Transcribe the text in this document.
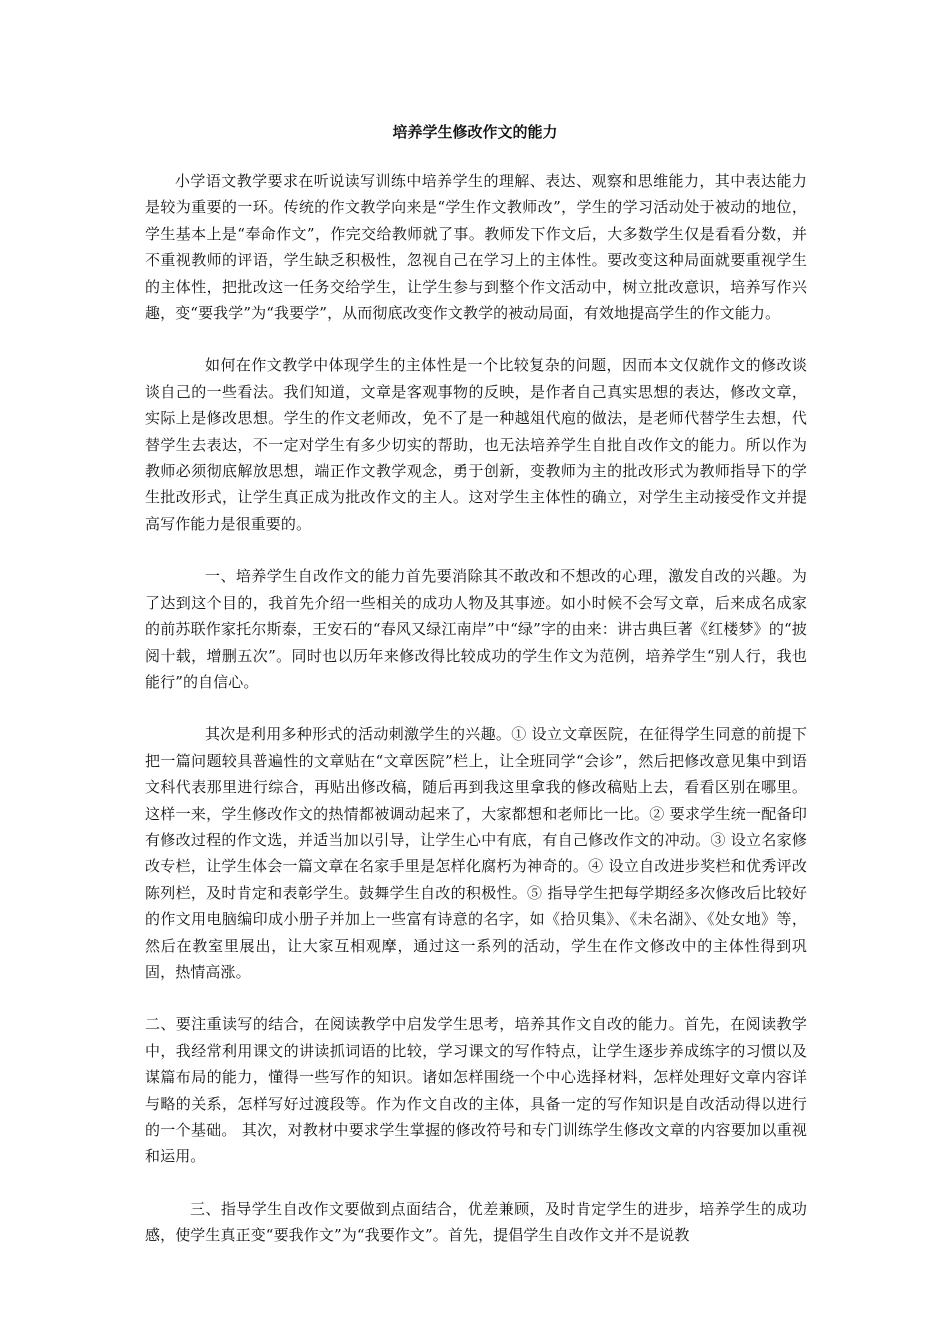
培养学生修改作文的能力

小学语文教学要求在听说读写训练中培养学生的理解、表达、观察和思维能力，其中表达能力是较为重要的一环。传统的作文教学向来是“学生作文教师改”，学生的学习活动处于被动的地位，学生基本上是“奉命作文”，作完交给教师就了事。教师发下作文后，大多数学生仅是看看分数，并不重视教师的评语，学生缺乏积极性，忽视自己在学习上的主体性。要改变这种局面就要重视学生的主体性，把批改这一任务交给学生，让学生参与到整个作文活动中，树立批改意识，培养写作兴趣，变“要我学”为“我要学”，从而彻底改变作文教学的被动局面，有效地提高学生的作文能力。

如何在作文教学中体现学生的主体性是一个比较复杂的问题，因而本文仅就作文的修改谈谈自己的一些看法。我们知道，文章是客观事物的反映，是作者自己真实思想的表达，修改文章，实际上是修改思想。学生的作文老师改，免不了是一种越俎代庖的做法，是老师代替学生去想，代替学生去表达，不一定对学生有多少切实的帮助，也无法培养学生自批自改作文的能力。所以作为教师必须彻底解放思想，端正作文教学观念，勇于创新，变教师为主的批改形式为教师指导下的学生批改形式，让学生真正成为批改作文的主人。这对学生主体性的确立，对学生主动接受作文并提高写作能力是很重要的。

一、培养学生自改作文的能力首先要消除其不敢改和不想改的心理，激发自改的兴趣。为了达到这个目的，我首先介绍一些相关的成功人物及其事迹。如小时候不会写文章，后来成名成家的前苏联作家托尔斯泰，王安石的“春风又绿江南岸”中“绿”字的由来：讲古典巨著《红楼梦》的“披阅十载，增删五次”。同时也以历年来修改得比较成功的学生作文为范例，培养学生“别人行，我也能行”的自信心。

其次是利用多种形式的活动刺激学生的兴趣。① 设立文章医院，在征得学生同意的前提下把一篇问题较具普遍性的文章贴在“文章医院”栏上，让全班同学“会诊”，然后把修改意见集中到语文科代表那里进行综合，再贴出修改稿，随后再到我这里拿我的修改稿贴上去，看看区别在哪里。这样一来，学生修改作文的热情都被调动起来了，大家都想和老师比一比。② 要求学生统一配备印有修改过程的作文选，并适当加以引导，让学生心中有底，有自己修改作文的冲动。③ 设立名家修改专栏，让学生体会一篇文章在名家手里是怎样化腐朽为神奇的。④ 设立自改进步奖栏和优秀评改陈列栏，及时肯定和表彰学生。鼓舞学生自改的积极性。⑤ 指导学生把每学期经多次修改后比较好的作文用电脑编印成小册子并加上一些富有诗意的名字，如《拾贝集》、《未名湖》、《处女地》等，然后在教室里展出，让大家互相观摩，通过这一系列的活动，学生在作文修改中的主体性得到巩固，热情高涨。

二、要注重读写的结合，在阅读教学中启发学生思考，培养其作文自改的能力。首先，在阅读教学中，我经常利用课文的讲读抓词语的比较，学习课文的写作特点，让学生逐步养成练字的习惯以及谋篇布局的能力，懂得一些写作的知识。诸如怎样围绕一个中心选择材料，怎样处理好文章内容详与略的关系，怎样写好过渡段等。作为作文自改的主体，具备一定的写作知识是自改活动得以进行的一个基础。 其次，对教材中要求学生掌握的修改符号和专门训练学生修改文章的内容要加以重视和运用。

三、指导学生自改作文要做到点面结合，优差兼顾，及时肯定学生的进步，培养学生的成功感，使学生真正变“要我作文”为“我要作文”。首先，提倡学生自改作文并不是说教
